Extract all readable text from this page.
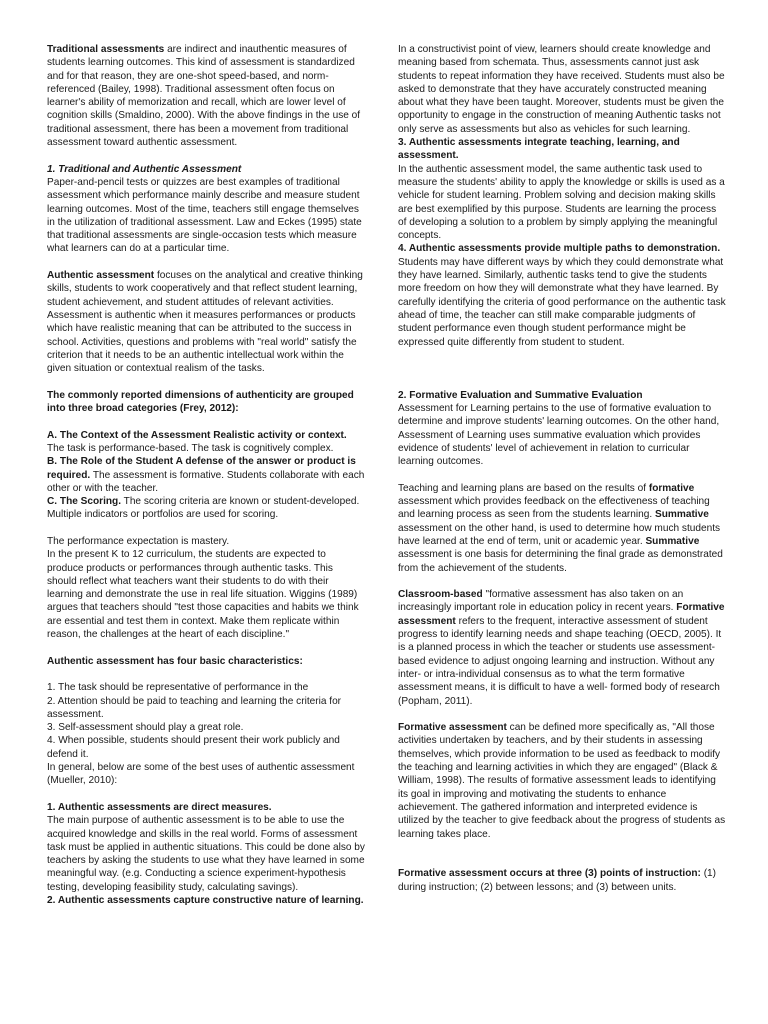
Traditional assessments are indirect and inauthentic measures of students learning outcomes. This kind of assessment is standardized and for that reason, they are one-shot speed-based, and norm-referenced (Bailey, 1998). Traditional assessment often focus on learner's ability of memorization and recall, which are lower level of cognition skills (Smaldino, 2000). With the above findings in the use of traditional assessment, there has been a movement from traditional assessment toward authentic assessment.

1. Traditional and Authentic Assessment

Paper-and-pencil tests or quizzes are best examples of traditional assessment which performance mainly describe and measure student learning outcomes. Most of the time, teachers still engage themselves in the utilization of traditional assessment. Law and Eckes (1995) state that traditional assessments are single-occasion tests which measure what learners can do at a particular time.

Authentic assessment focuses on the analytical and creative thinking skills, students to work cooperatively and that reflect student learning, student achievement, and student attitudes of relevant activities. Assessment is authentic when it measures performances or products which have realistic meaning that can be attributed to the success in school. Activities, questions and problems with "real world" satisfy the criterion that it needs to be an authentic intellectual work within the given situation or contextual realism of the tasks.

The commonly reported dimensions of authenticity are grouped into three broad categories (Frey, 2012):

A. The Context of the Assessment Realistic activity or context. The task is performance-based. The task is cognitively complex.

B. The Role of the Student A defense of the answer or product is required. The assessment is formative. Students collaborate with each other or with the teacher.

C. The Scoring. The scoring criteria are known or student-developed. Multiple indicators or portfolios are used for scoring.

The performance expectation is mastery.

In the present K to 12 curriculum, the students are expected to produce products or performances through authentic tasks. This should reflect what teachers want their students to do with their learning and demonstrate the use in real life situation. Wiggins (1989) argues that teachers should "test those capacities and habits we think are essential and test them in context. Make them replicate within reason, the challenges at the heart of each discipline."

Authentic assessment has four basic characteristics:

1. The task should be representative of performance in the

2. Attention should be paid to teaching and learning the criteria for assessment.

3. Self-assessment should play a great role.

4. When possible, students should present their work publicly and defend it.

In general, below are some of the best uses of authentic assessment (Mueller, 2010):

1. Authentic assessments are direct measures.

The main purpose of authentic assessment is to be able to use the acquired knowledge and skills in the real world. Forms of assessment task must be applied in authentic situations. This could be done also by teachers by asking the students to use what they have learned in some meaningful way. (e.g. Conducting a science experiment-hypothesis testing, developing feasibility study, calculating savings).

2. Authentic assessments capture constructive nature of learning.

In a constructivist point of view, learners should create knowledge and meaning based from schemata. Thus, assessments cannot just ask students to repeat information they have received. Students must also be asked to demonstrate that they have accurately constructed meaning about what they have been taught. Moreover, students must be given the opportunity to engage in the construction of meaning Authentic tasks not only serve as assessments but also as vehicles for such learning.

3. Authentic assessments integrate teaching, learning, and assessment.

In the authentic assessment model, the same authentic task used to measure the students' ability to apply the knowledge or skills is used as a vehicle for student learning. Problem solving and decision making skills are best exemplified by this purpose. Students are learning the process of developing a solution to a problem by simply applying the meaningful concepts.

4. Authentic assessments provide multiple paths to demonstration.

Students may have different ways by which they could demonstrate what they have learned. Similarly, authentic tasks tend to give the students more freedom on how they will demonstrate what they have learned. By carefully identifying the criteria of good performance on the authentic task ahead of time, the teacher can still make comparable judgments of student performance even though student performance might be expressed quite differently from student to student.

2. Formative Evaluation and Summative Evaluation

Assessment for Learning pertains to the use of formative evaluation to determine and improve students' learning outcomes. On the other hand, Assessment of Learning uses summative evaluation which provides evidence of students' level of achievement in relation to curricular learning outcomes.

Teaching and learning plans are based on the results of formative assessment which provides feedback on the effectiveness of teaching and learning process as seen from the students learning. Summative assessment on the other hand, is used to determine how much students have learned at the end of term, unit or academic year. Summative assessment is one basis for determining the final grade as demonstrated from the achievement of the students.

Classroom-based "formative assessment has also taken on an increasingly important role in education policy in recent years. Formative assessment refers to the frequent, interactive assessment of student progress to identify learning needs and shape teaching (OECD, 2005). It is a planned process in which the teacher or students use assessment-based evidence to adjust ongoing learning and instruction. Without any inter- or intra-individual consensus as to what the term formative assessment means, it is difficult to have a well- formed body of research (Popham, 2011).

Formative assessment can be defined more specifically as, "All those activities undertaken by teachers, and by their students in assessing themselves, which provide information to be used as feedback to modify the teaching and learning activities in which they are engaged" (Black & William, 1998). The results of formative assessment leads to identifying its goal in improving and motivating the students to enhance achievement. The gathered information and interpreted evidence is utilized by the teacher to give feedback about the progress of students as learning takes place.

Formative assessment occurs at three (3) points of instruction: (1) during instruction; (2) between lessons; and (3) between units.
